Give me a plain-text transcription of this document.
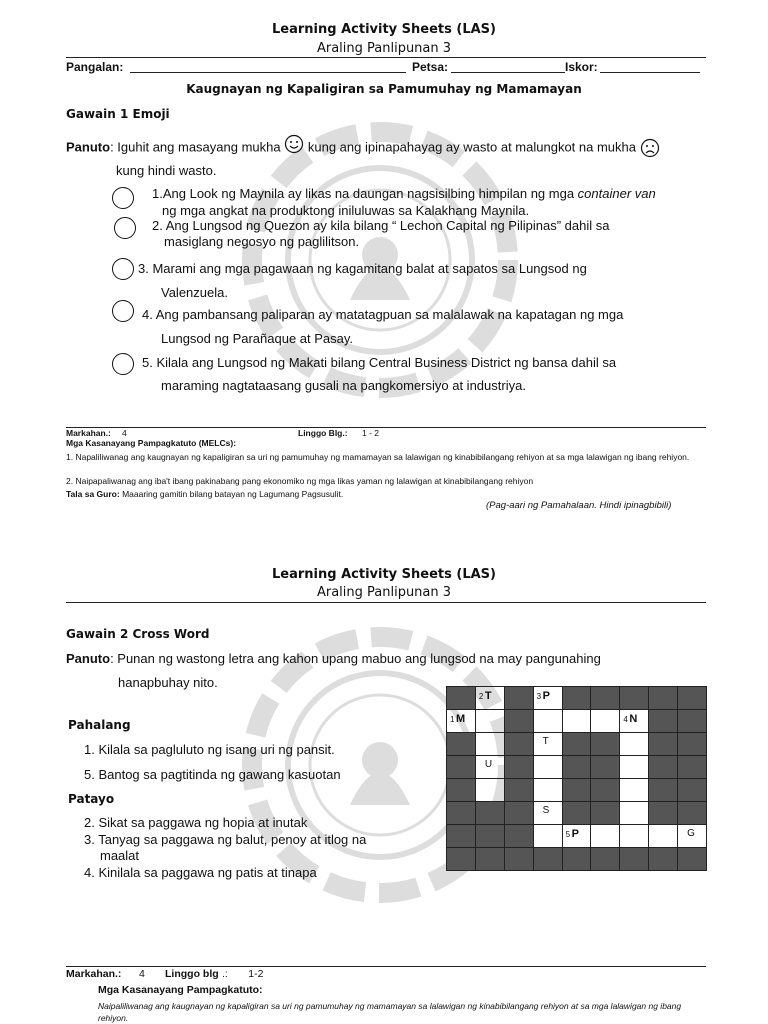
Learning Activity Sheets (LAS)
Araling Panlipunan 3
Pangalan:	Petsa:	Iskor:
Kaugnayan ng Kapaligiran sa Pamumuhay ng Mamamayan
Gawain 1 Emoji
Panuto: Iguhit ang masayang mukha kung ang ipinapahayag ay wasto at malungkot na mukha
kung hindi wasto.
1.Ang Look ng Maynila ay likas na daungan nagsisilbing himpilan ng mga container van
ng mga angkat na produktong iniluluwas sa Kalakhang Maynila.
2. Ang Lungsod ng Quezon ay kila bilang “ Lechon Capital ng Pilipinas” dahil sa
masiglang negosyo ng paglilitson.
3. Marami ang mga pagawaan ng kagamitang balat at sapatos sa Lungsod ng
Valenzuela.
4. Ang pambansang paliparan ay matatagpuan sa malalawak na kapatagan ng mga
Lungsod ng Parañaque at Pasay.
5. Kilala ang Lungsod ng Makati bilang Central Business District ng bansa dahil sa
maraming nagtataasang gusali na pangkomersiyo at industriya.
Markahan.: 4	Linggo Blg.: 1 - 2
Mga Kasanayang Pampagkatuto (MELCs):
1. Napaliliwanag ang kaugnayan ng kapaligiran sa uri ng pamumuhay ng mamamayan sa lalawigan ng kinabibilangang rehiyon at sa mga lalawigan ng ibang rehiyon.
2. Naipapaliwanag ang iba't ibang pakinabang pang ekonomiko ng mga likas yaman ng lalawigan at kinabibilangang rehiyon
Tala sa Guro: Maaaring gamitin bilang batayan ng Lagumang Pagsusulit.
(Pag-aari ng Pamahalaan. Hindi ipinagbibili)
Learning Activity Sheets (LAS)
Araling Panlipunan 3
Gawain 2 Cross Word
Panuto: Punan ng wastong letra ang kahon upang mabuo ang lungsod na may pangunahing
hanapbuhay nito.
Pahalang
1. Kilala sa pagluluto ng isang uri ng pansit.
5. Bantog sa pagtitinda ng gawang kasuotan
Patayo
2. Sikat sa paggawa ng hopia at inutak
3. Tanyag sa paggawa ng balut, penoy at itlog na
maalat
4. Kinilala sa paggawa ng patis at tinapa

	2 T		3 P					

1 M						4 N		

			T					

	U							

			S					

				5 P				G

Markahan.: 4 Linggo blg .:       1-2
Mga Kasanayang Pampagkatuto:
Naipaliliwanag ang kaugnayan ng kapaligiran sa uri ng pamumuhay ng mamamayan sa lalawigan ng kinabibilangang rehiyon at sa mga lalawigan ng ibang rehiyon.
